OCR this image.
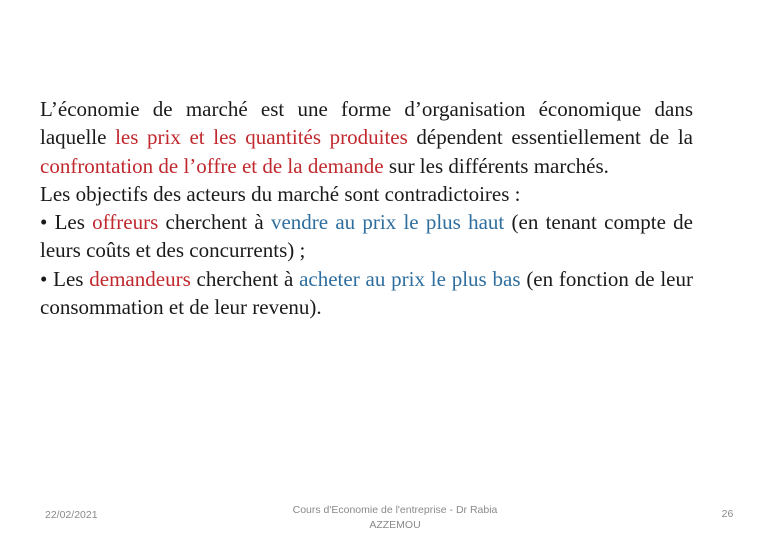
L’économie de marché est une forme d’organisation économique dans laquelle les prix et les quantités produites dépendent essentiellement de la confrontation de l’offre et de la demande sur les différents marchés.

Les objectifs des acteurs du marché sont contradictoires :

• Les offreurs cherchent à vendre au prix le plus haut (en tenant compte de leurs coûts et des concurrents) ;

• Les demandeurs cherchent à acheter au prix le plus bas (en fonction de leur consommation et de leur revenu).

22/02/2021	Cours d'Economie de l'entreprise - Dr Rabia
AZZEMOU
26
